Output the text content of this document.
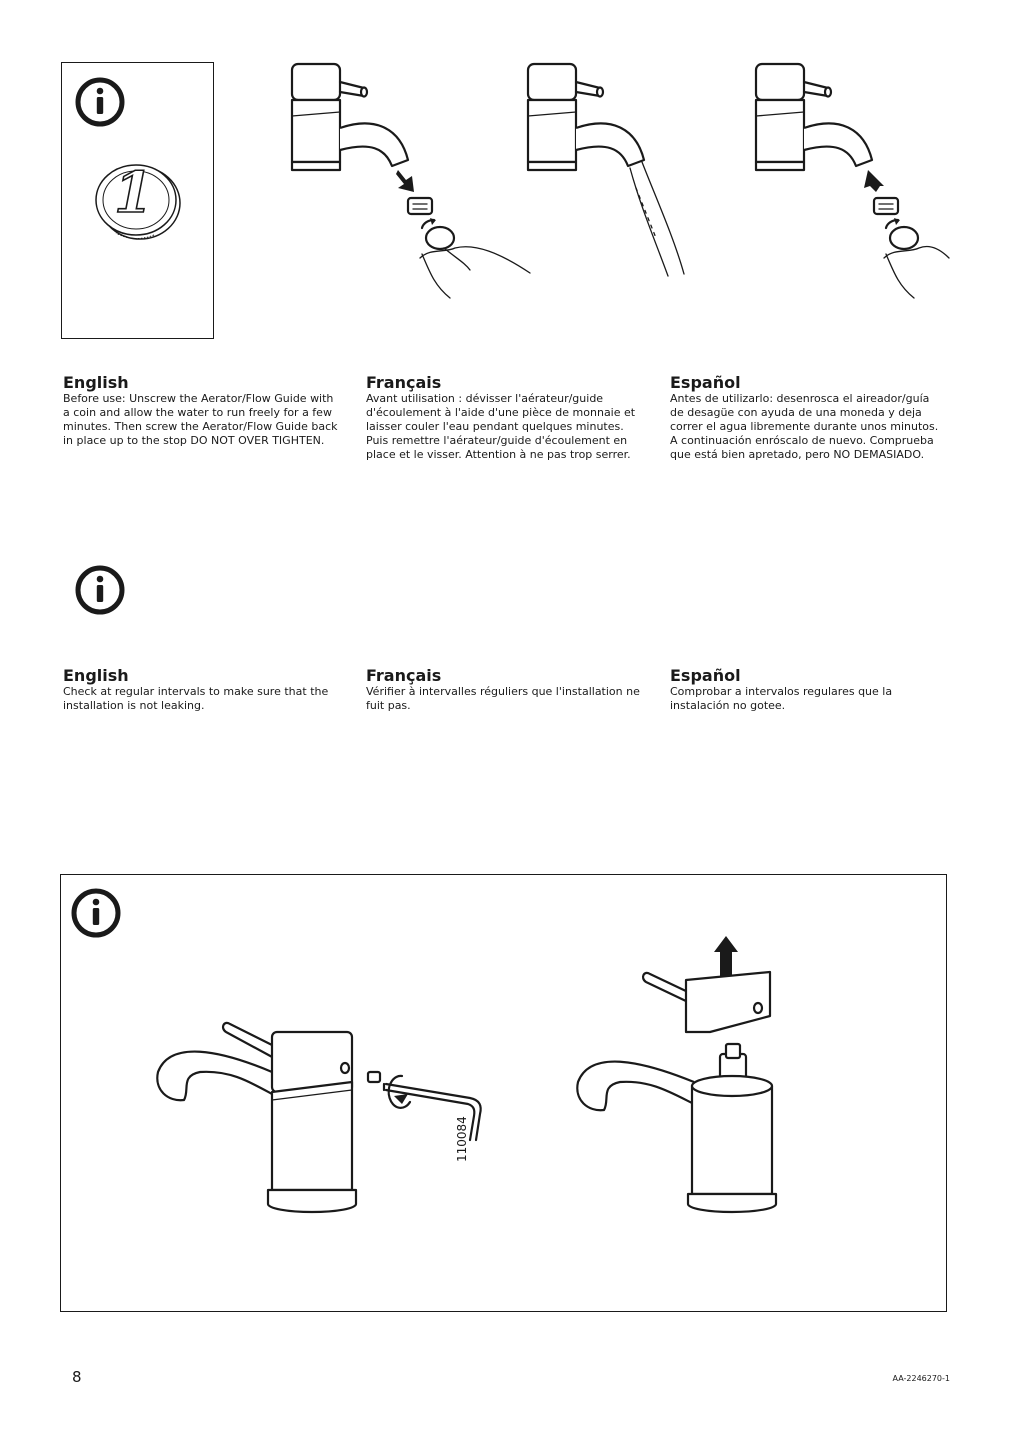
1

English

Before use: Unscrew the Aerator/Flow Guide with
a coin and allow the water to run freely for a few
minutes. Then screw the Aerator/Flow Guide back
in place up to the stop DO NOT OVER TIGHTEN.

Français

Avant utilisation : dévisser l'aérateur/guide
d'écoulement à l'aide d'une pièce de monnaie et
laisser couler l'eau pendant quelques minutes.
Puis remettre l'aérateur/guide d'écoulement en
place et le visser. Attention à ne pas trop serrer.

Español

Antes de utilizarlo: desenrosca el aireador/guía
de desagüe con ayuda de una moneda y deja
correr el agua libremente durante unos minutos.
A continuación enróscalo de nuevo. Comprueba
que está bien apretado, pero NO DEMASIADO.

English

Check at regular intervals to make sure that the
installation is not leaking.

Français

Vérifier à intervalles réguliers que l'installation ne
fuit pas.

Español

Comprobar a intervalos regulares que la
instalación no gotee.

110084
8	AA-2246270-1
